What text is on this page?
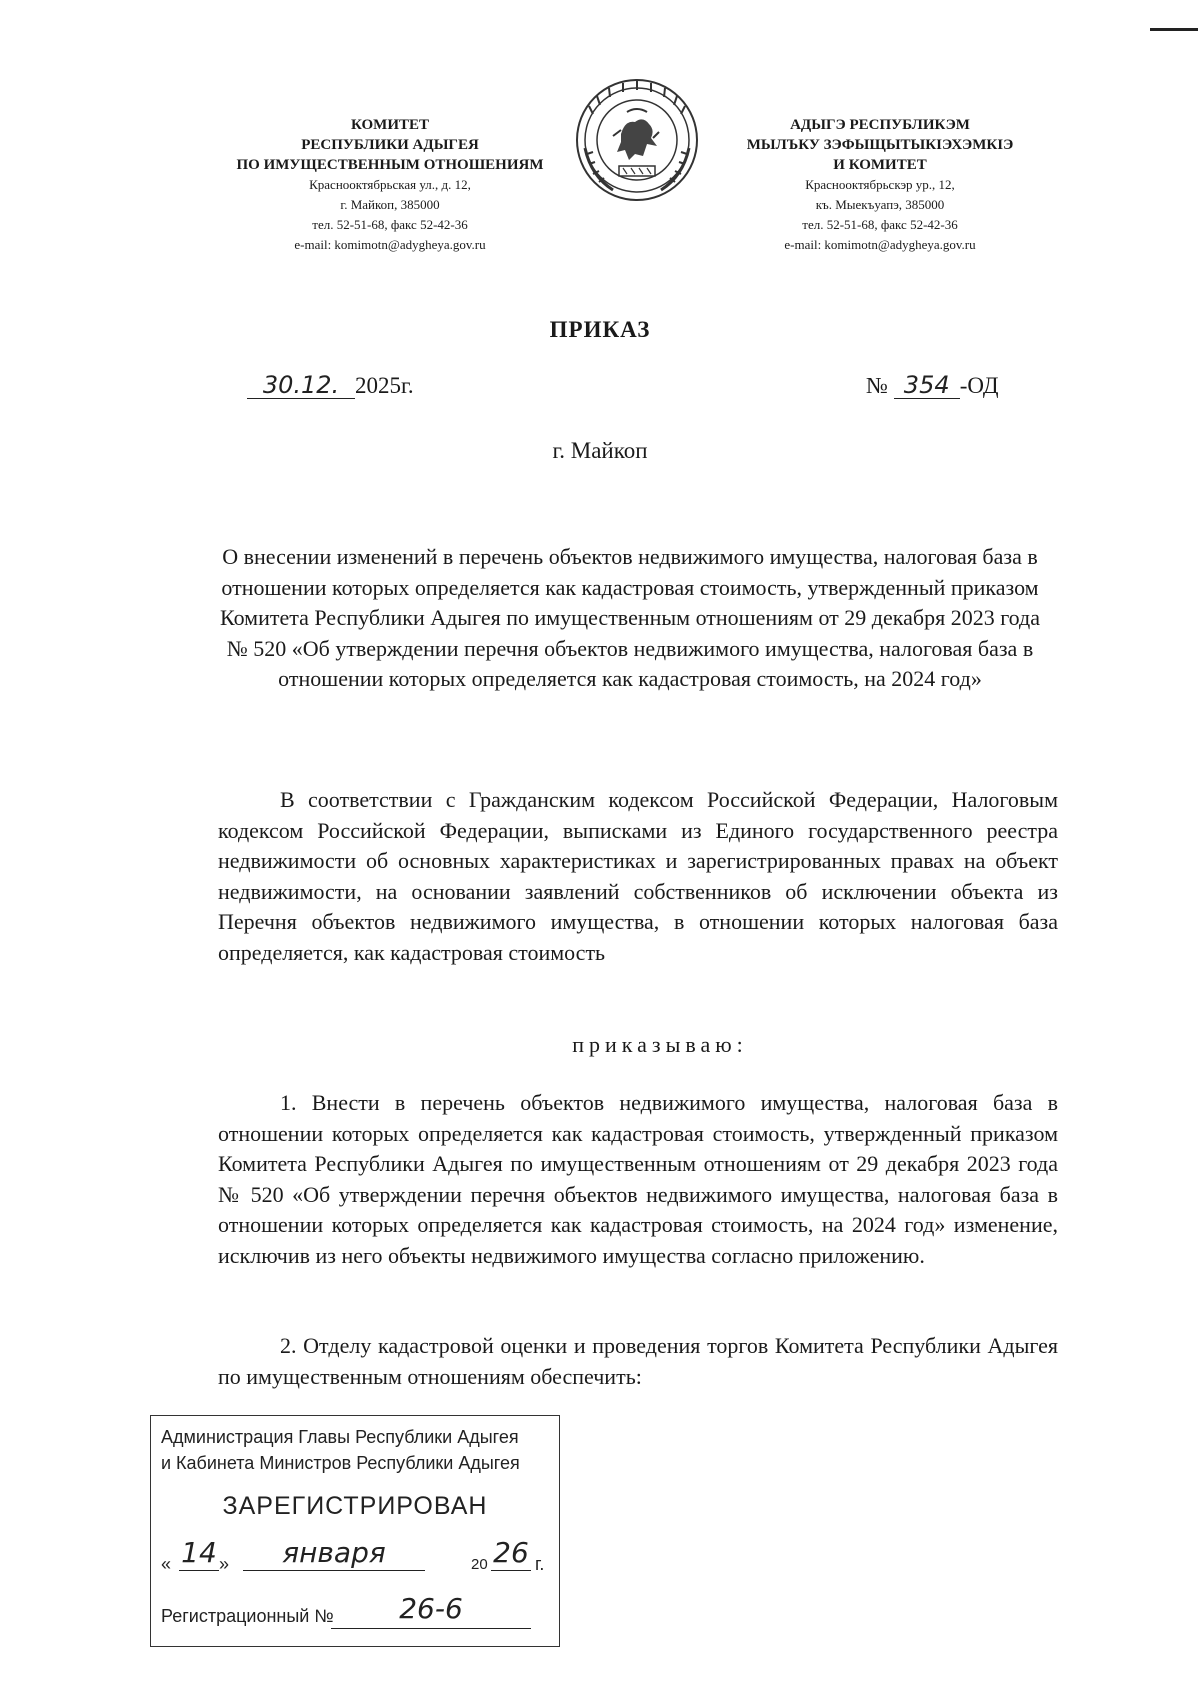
КОМИТЕТ
РЕСПУБЛИКИ АДЫГЕЯ
ПО ИМУЩЕСТВЕННЫМ ОТНОШЕНИЯМ
Краснооктябрьская ул., д. 12,
г. Майкоп, 385000
тел. 52-51-68, факс 52-42-36
e-mail: komimotn@adygheya.gov.ru
АДЫГЭ РЕСПУБЛИКЭМ
МЫЛЪКУ ЗЭФЫЩЫТЫКIЭХЭМКIЭ
И КОМИТЕТ
Краснооктябрьскэр ур., 12,
къ. Мыекъуапэ, 385000
тел. 52-51-68, факс 52-42-36
e-mail: komimotn@adygheya.gov.ru
ПРИКАЗ
30.12. 2025г.	№ 354 -ОД
г. Майкоп
О внесении изменений в перечень объектов недвижимого имущества, налоговая база в отношении которых определяется как кадастровая стоимость, утвержденный приказом Комитета Республики Адыгея по имущественным отношениям от 29 декабря 2023 года № 520 «Об утверждении перечня объектов недвижимого имущества, налоговая база в отношении которых определяется как кадастровая стоимость, на 2024 год»
В соответствии с Гражданским кодексом Российской Федерации, Налоговым кодексом Российской Федерации, выписками из Единого государственного реестра недвижимости об основных характеристиках и зарегистрированных правах на объект недвижимости, на основании заявлений собственников об исключении объекта из Перечня объектов недвижимого имущества, в отношении которых налоговая база определяется, как кадастровая стоимость
приказываю:
1. Внести в перечень объектов недвижимого имущества, налоговая база в отношении которых определяется как кадастровая стоимость, утвержденный приказом Комитета Республики Адыгея по имущественным отношениям от 29 декабря 2023 года № 520 «Об утверждении перечня объектов недвижимого имущества, налоговая база в отношении которых определяется как кадастровая стоимость, на 2024 год» изменение, исключив из него объекты недвижимого имущества согласно приложению.
2. Отделу кадастровой оценки и проведения торгов Комитета Республики Адыгея по имущественным отношениям обеспечить:
Администрация Главы Республики Адыгея
и Кабинета Министров Республики Адыгея
ЗАРЕГИСТРИРОВАН
« 14 »	января	20 26 г.
Регистрационный №	26-6
